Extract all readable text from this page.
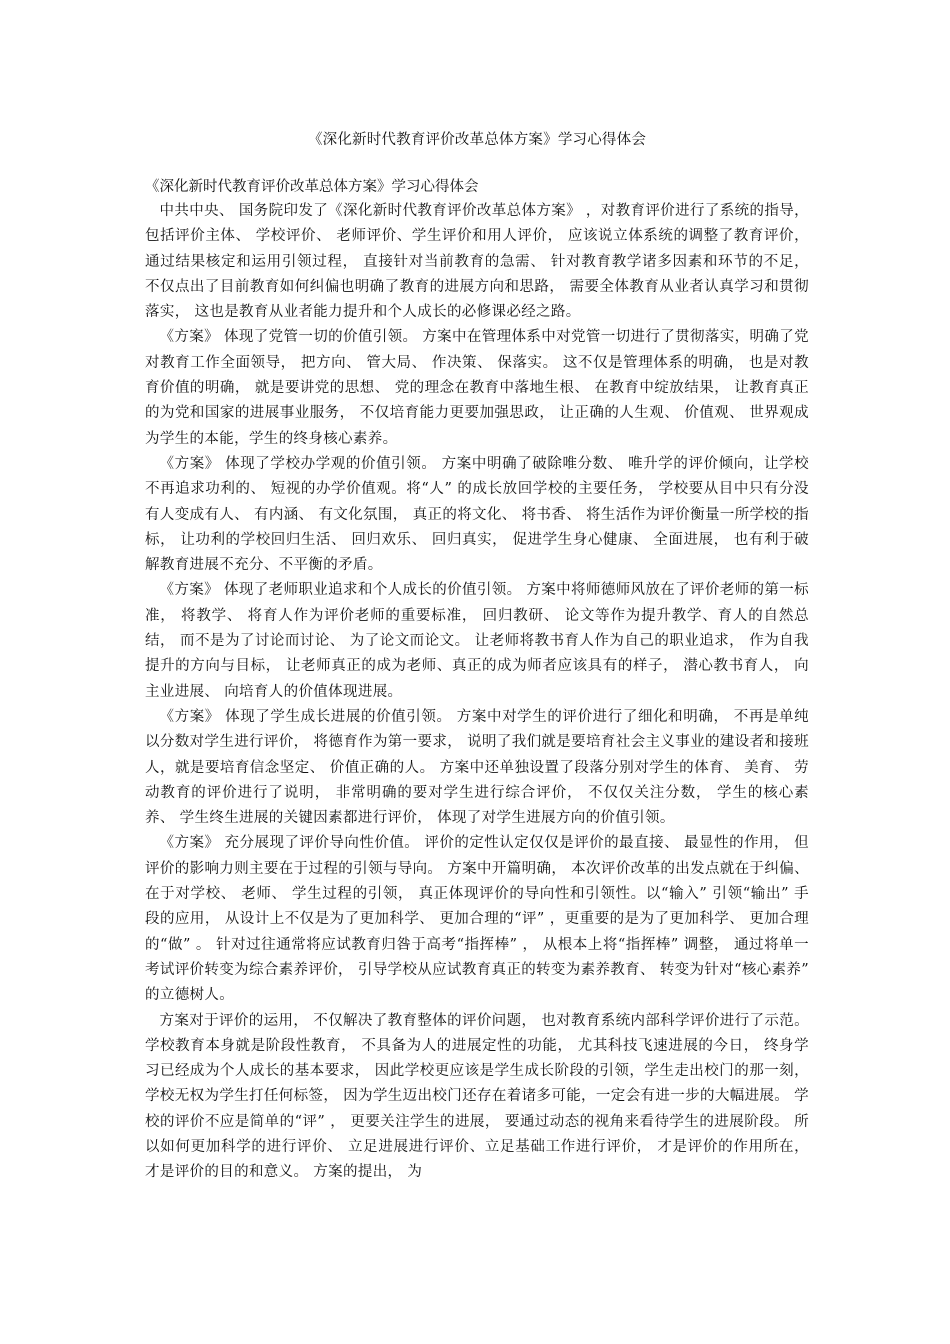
《深化新时代教育评价改革总体方案》学习心得体会
《深化新时代教育评价改革总体方案》学习心得体会

中共中央、 国务院印发了《深化新时代教育评价改革总体方案》 ，对教育评价进行了系统的指导， 包括评价主体、 学校评价、 老师评价、学生评价和用人评价， 应该说立体系统的调整了教育评价， 通过结果核定和运用引领过程， 直接针对当前教育的急需、 针对教育教学诸多因素和环节的不足， 不仅点出了目前教育如何纠偏也明确了教育的进展方向和思路， 需要全体教育从业者认真学习和贯彻落实， 这也是教育从业者能力提升和个人成长的必修课必经之路。

《方案》 体现了党管一切的价值引领。 方案中在管理体系中对党管一切进行了贯彻落实，明确了党对教育工作全面领导， 把方向、 管大局、 作决策、 保落实。 这不仅是管理体系的明确， 也是对教育价值的明确， 就是要讲党的思想、 党的理念在教育中落地生根、 在教育中绽放结果， 让教育真正的为党和国家的进展事业服务， 不仅培育能力更要加强思政， 让正确的人生观、 价值观、 世界观成为学生的本能，学生的终身核心素养。

《方案》 体现了学校办学观的价值引领。 方案中明确了破除唯分数、 唯升学的评价倾向，让学校不再追求功利的、 短视的办学价值观。将“人” 的成长放回学校的主要任务， 学校要从目中只有分没有人变成有人、 有内涵、 有文化氛围， 真正的将文化、 将书香、 将生活作为评价衡量一所学校的指标， 让功利的学校回归生活、 回归欢乐、 回归真实， 促进学生身心健康、 全面进展， 也有利于破解教育进展不充分、不平衡的矛盾。

《方案》 体现了老师职业追求和个人成长的价值引领。 方案中将师德师风放在了评价老师的第一标准， 将教学、 将育人作为评价老师的重要标准， 回归教研、 论文等作为提升教学、育人的自然总结， 而不是为了讨论而讨论、 为了论文而论文。 让老师将教书育人作为自己的职业追求， 作为自我提升的方向与目标， 让老师真正的成为老师、真正的成为师者应该具有的样子， 潜心教书育人， 向主业进展、 向培育人的价值体现进展。

《方案》 体现了学生成长进展的价值引领。 方案中对学生的评价进行了细化和明确， 不再是单纯以分数对学生进行评价， 将德育作为第一要求， 说明了我们就是要培育社会主义事业的建设者和接班人，就是要培育信念坚定、 价值正确的人。 方案中还单独设置了段落分别对学生的体育、 美育、 劳动教育的评价进行了说明， 非常明确的要对学生进行综合评价， 不仅仅关注分数， 学生的核心素养、 学生终生进展的关键因素都进行评价， 体现了对学生进展方向的价值引领。

《方案》 充分展现了评价导向性价值。 评价的定性认定仅仅是评价的最直接、 最显性的作用， 但评价的影响力则主要在于过程的引领与导向。 方案中开篇明确， 本次评价改革的出发点就在于纠偏、 在于对学校、 老师、 学生过程的引领， 真正体现评价的导向性和引领性。以“输入” 引领“输出” 手段的应用， 从设计上不仅是为了更加科学、 更加合理的“评” ，更重要的是为了更加科学、 更加合理的“做” 。 针对过往通常将应试教育归咎于高考“指挥棒” ， 从根本上将“指挥棒” 调整， 通过将单一考试评价转变为综合素养评价， 引导学校从应试教育真正的转变为素养教育、 转变为针对“核心素养” 的立德树人。

方案对于评价的运用， 不仅解决了教育整体的评价问题， 也对教育系统内部科学评价进行了示范。 学校教育本身就是阶段性教育， 不具备为人的进展定性的功能， 尤其科技飞速进展的今日， 终身学习已经成为个人成长的基本要求， 因此学校更应该是学生成长阶段的引领，学生走出校门的那一刻， 学校无权为学生打任何标签， 因为学生迈出校门还存在着诸多可能，一定会有进一步的大幅进展。 学校的评价不应是简单的“评” ， 更要关注学生的进展， 要通过动态的视角来看待学生的进展阶段。 所以如何更加科学的进行评价、 立足进展进行评价、立足基础工作进行评价， 才是评价的作用所在， 才是评价的目的和意义。 方案的提出， 为
